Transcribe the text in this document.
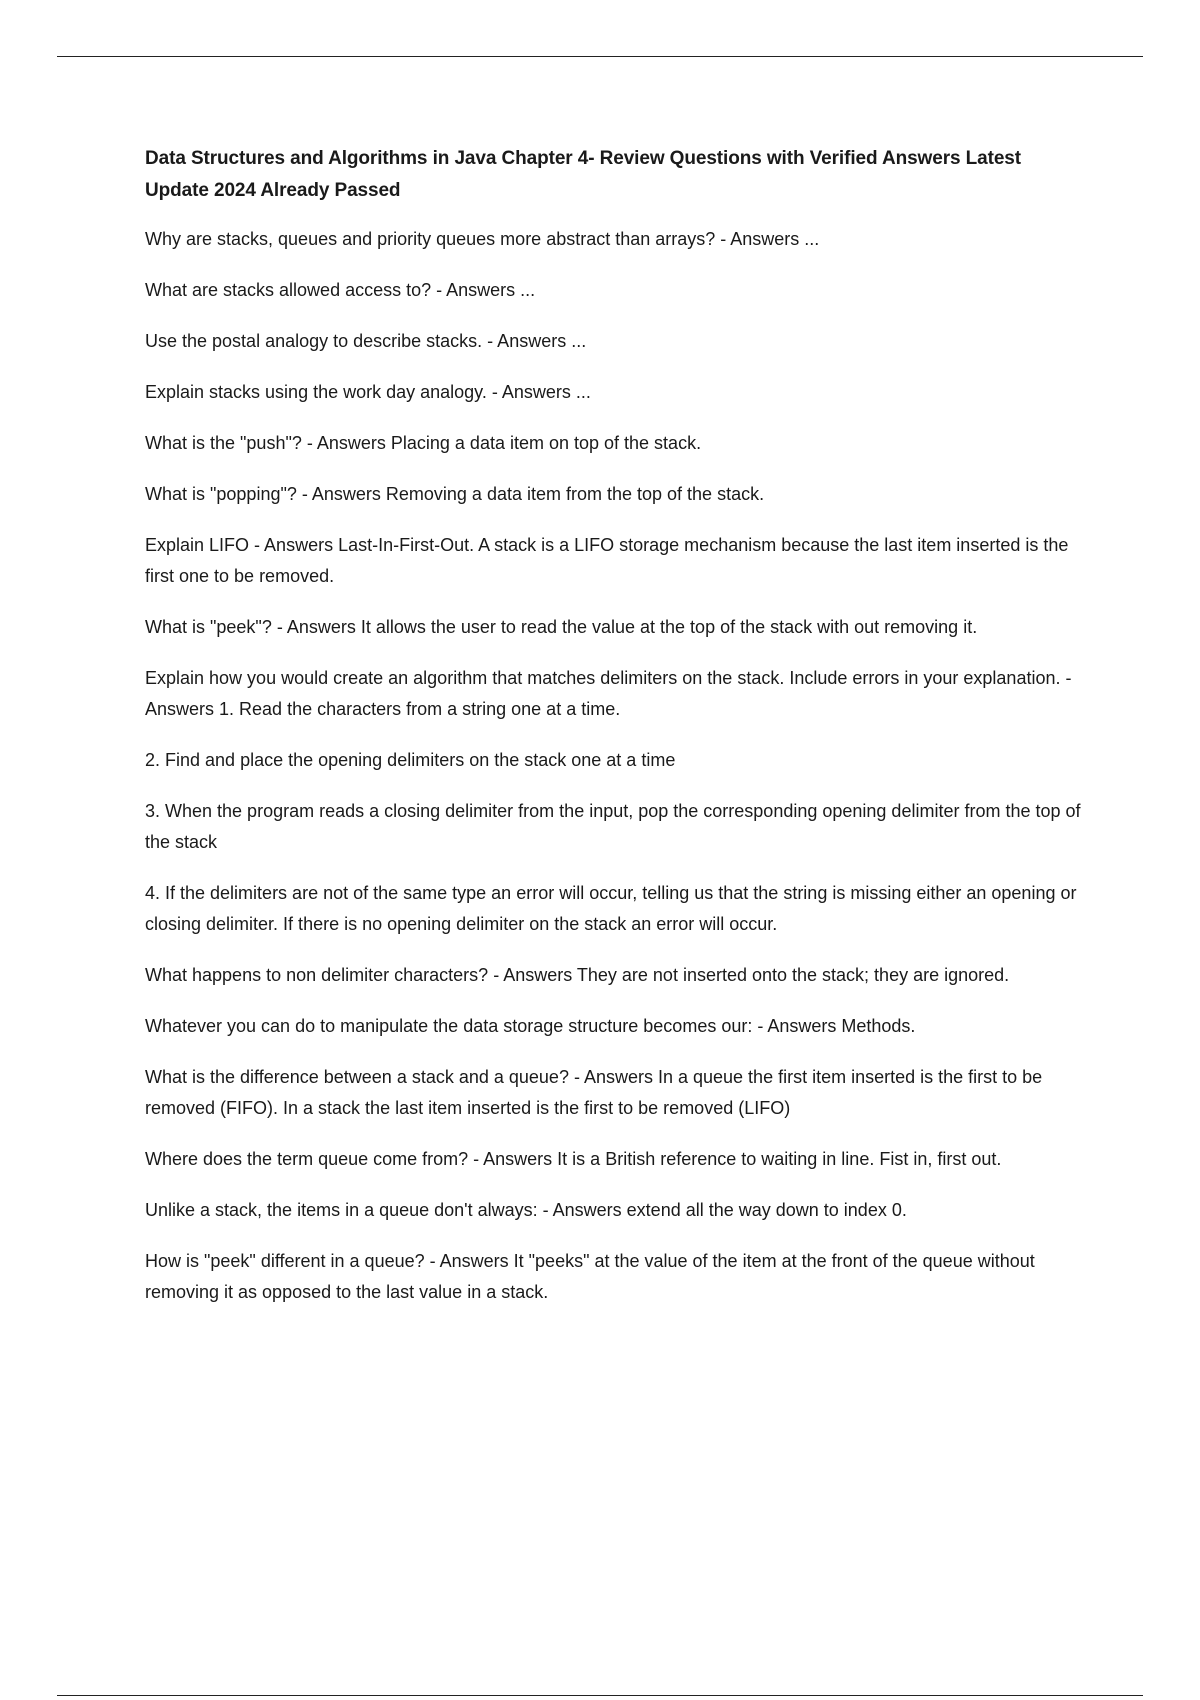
Data Structures and Algorithms in Java Chapter 4- Review Questions with Verified Answers Latest Update 2024 Already Passed
Why are stacks, queues and priority queues more abstract than arrays? - Answers ...
What are stacks allowed access to? - Answers ...
Use the postal analogy to describe stacks. - Answers ...
Explain stacks using the work day analogy. - Answers ...
What is the "push"? - Answers Placing a data item on top of the stack.
What is "popping"? - Answers Removing a data item from the top of the stack.
Explain LIFO - Answers Last-In-First-Out. A stack is a LIFO storage mechanism because the last item inserted is the first one to be removed.
What is "peek"? - Answers It allows the user to read the value at the top of the stack with out removing it.
Explain how you would create an algorithm that matches delimiters on the stack. Include errors in your explanation. - Answers 1. Read the characters from a string one at a time.
2. Find and place the opening delimiters on the stack one at a time
3. When the program reads a closing delimiter from the input, pop the corresponding opening delimiter from the top of the stack
4. If the delimiters are not of the same type an error will occur, telling us that the string is missing either an opening or closing delimiter. If there is no opening delimiter on the stack an error will occur.
What happens to non delimiter characters? - Answers They are not inserted onto the stack; they are ignored.
Whatever you can do to manipulate the data storage structure becomes our: - Answers Methods.
What is the difference between a stack and a queue? - Answers In a queue the first item inserted is the first to be removed (FIFO). In a stack the last item inserted is the first to be removed (LIFO)
Where does the term queue come from? - Answers It is a British reference to waiting in line. Fist in, first out.
Unlike a stack, the items in a queue don't always: - Answers extend all the way down to index 0.
How is "peek" different in a queue? - Answers It "peeks" at the value of the item at the front of the queue without removing it as opposed to the last value in a stack.
